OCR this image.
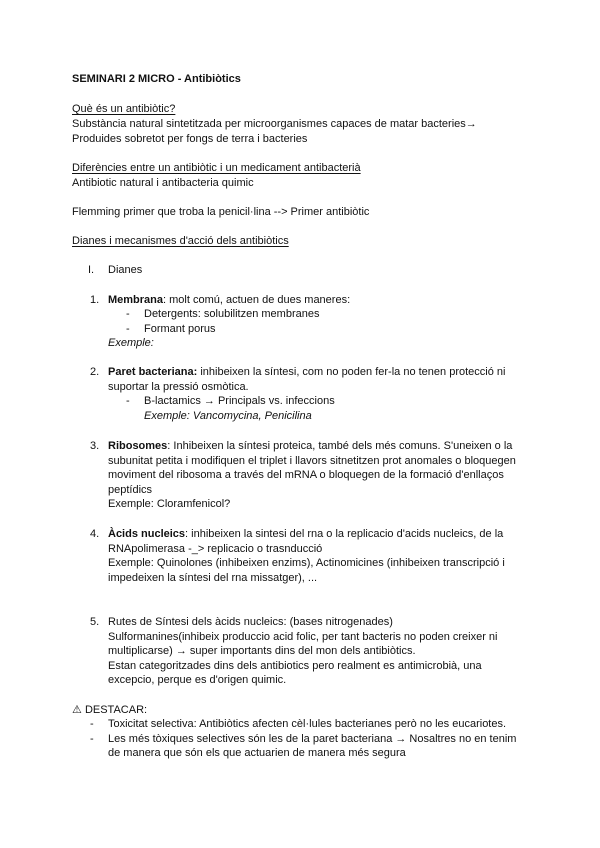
SEMINARI 2 MICRO - Antibiòtics
Què és un antibiòtic?
Substància natural sintetitzada per microorganismes capaces de matar bacteries→
Produides sobretot per fongs de terra i bacteries
Diferències entre un antibiòtic i un medicament antibacterià
Antibiotic natural i antibacteria quimic
Flemming primer que troba la penicil·lina --> Primer antibiòtic
Dianes i mecanismes d'acció dels antibiòtics
I. Dianes
1. Membrana: molt comú, actuen de dues maneres:
- Detergents: solubilitzen membranes
- Formant porus
Exemple:
2. Paret bacteriana: inhibeixen la síntesi, com no poden fer-la no tenen protecció ni
suportar la pressió osmòtica.
- B-lactamics → Principals vs. infeccions
Exemple: Vancomycina, Penicilina
3. Ribosomes: Inhibeixen la síntesi proteica, també dels més comuns. S'uneixen o la
subunitat petita i modifiquen el triplet i llavors sitnetitzen prot anomales o bloquegen
moviment del ribosoma a través del mRNA o bloquegen de la formació d'enllaços
peptídics
Exemple: Cloramfenicol?
4. Àcids nucleics: inhibeixen la sintesi del rna o la replicacio d'acids nucleics, de la
RNApolimerasa -_> replicacio o trasnducció
Exemple: Quinolones (inhibeixen enzims), Actinomicines (inhibeixen transcripció i
impedeixen la síntesi del rna missatger), ...
5. Rutes de Síntesi dels àcids nucleics: (bases nitrogenades)
Sulformanines(inhibeix produccio acid folic, per tant bacteris no poden creixer ni
multiplicarse) → super importants dins del mon dels antibiòtics.
Estan categoritzades dins dels antibiotics pero realment es antimicrobià, una
excepcio, perque es d'origen quimic.
⚠ DESTACAR:
- Toxicitat selectiva: Antibiòtics afecten cèl·lules bacterianes però no les eucariotes.
- Les més tòxiques selectives són les de la paret bacteriana → Nosaltres no en tenim
de manera que són els que actuarien de manera més segura
